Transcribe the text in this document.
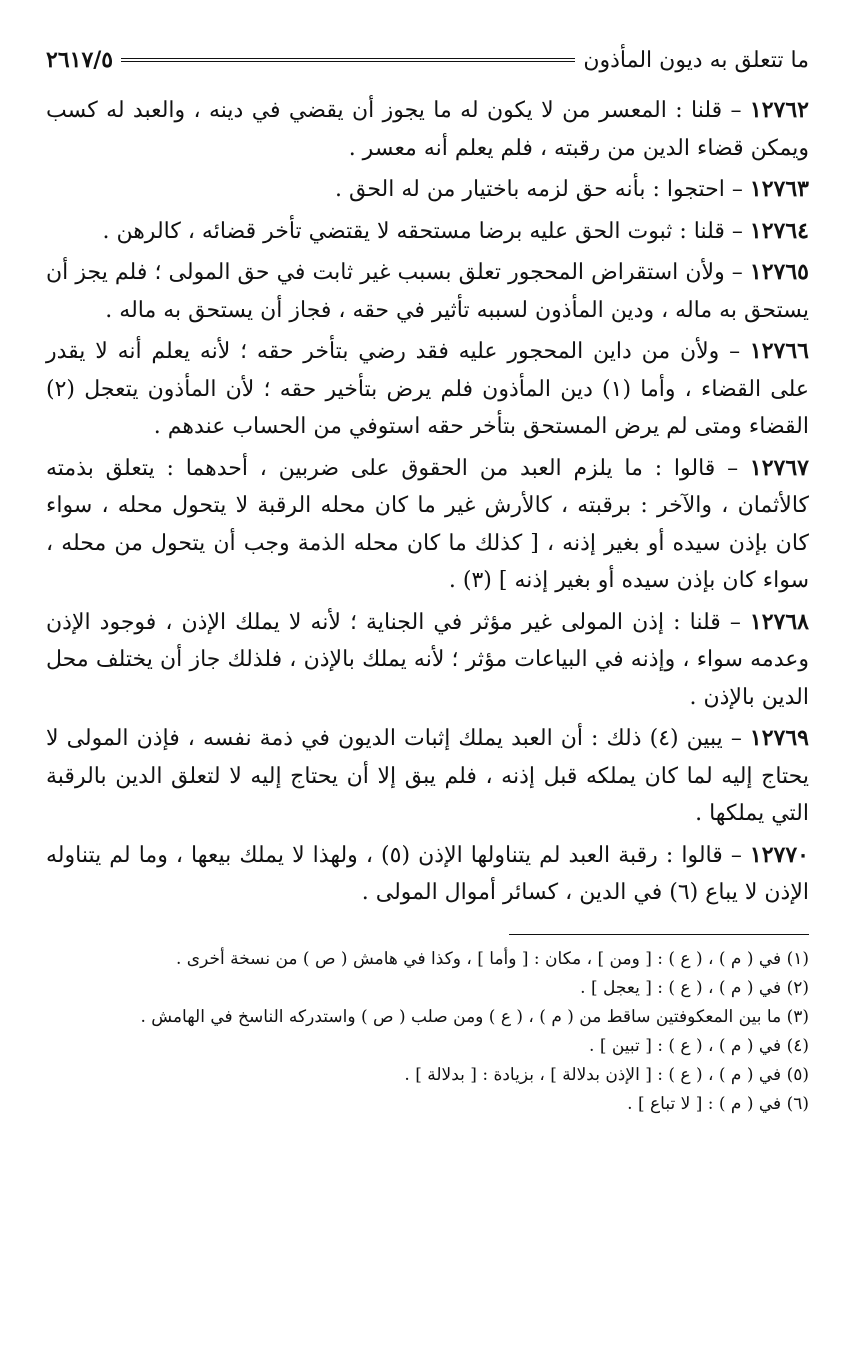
ما تتعلق به ديون المأذون
٢٦١٧/٥

١٢٧٦٢ – قلنا : المعسر من لا يكون له ما يجوز أن يقضي في دينه ، والعبد له كسب ويمكن قضاء الدين من رقبته ، فلم يعلم أنه معسر .

١٢٧٦٣ – احتجوا : بأنه حق لزمه باختيار من له الحق .

١٢٧٦٤ – قلنا : ثبوت الحق عليه برضا مستحقه لا يقتضي تأخر قضائه ، كالرهن .

١٢٧٦٥ – ولأن استقراض المحجور تعلق بسبب غير ثابت في حق المولى ؛ فلم يجز أن يستحق به ماله ، ودين المأذون لسببه تأثير في حقه ، فجاز أن يستحق به ماله .

١٢٧٦٦ – ولأن من داين المحجور عليه فقد رضي بتأخر حقه ؛ لأنه يعلم أنه لا يقدر على القضاء ، وأما (١) دين المأذون فلم يرض بتأخير حقه ؛ لأن المأذون يتعجل (٢) القضاء ومتى لم يرض المستحق بتأخر حقه استوفي من الحساب عندهم .

١٢٧٦٧ – قالوا : ما يلزم العبد من الحقوق على ضربين ، أحدهما : يتعلق بذمته كالأثمان ، والآخر : برقبته ، كالأرش غير ما كان محله الرقبة لا يتحول محله ، سواء كان بإذن سيده أو بغير إذنه ، [ كذلك ما كان محله الذمة وجب أن يتحول من محله ، سواء كان بإذن سيده أو بغير إذنه ] (٣) .

١٢٧٦٨ – قلنا : إذن المولى غير مؤثر في الجناية ؛ لأنه لا يملك الإذن ، فوجود الإذن وعدمه سواء ، وإذنه في البياعات مؤثر ؛ لأنه يملك بالإذن ، فلذلك جاز أن يختلف محل الدين بالإذن .

١٢٧٦٩ – يبين (٤) ذلك : أن العبد يملك إثبات الديون في ذمة نفسه ، فإذن المولى لا يحتاج إليه لما كان يملكه قبل إذنه ، فلم يبق إلا أن يحتاج إليه لا لتعلق الدين بالرقبة التي يملكها .

١٢٧٧٠ – قالوا : رقبة العبد لم يتناولها الإذن (٥) ، ولهذا لا يملك بيعها ، وما لم يتناوله الإذن لا يباع (٦) في الدين ، كسائر أموال المولى .

(١) في ( م ) ، ( ع ) : [ ومن ] ، مكان : [ وأما ] ، وكذا في هامش ( ص ) من نسخة أخرى .

(٢) في ( م ) ، ( ع ) : [ يعجل ] .

(٣) ما بين المعكوفتين ساقط من ( م ) ، ( ع ) ومن صلب ( ص ) واستدركه الناسخ في الهامش .

(٤) في ( م ) ، ( ع ) : [ تبين ] .

(٥) في ( م ) ، ( ع ) : [ الإذن بدلالة ] ، بزيادة : [ بدلالة ] .

(٦) في ( م ) : [ لا تباع ] .
